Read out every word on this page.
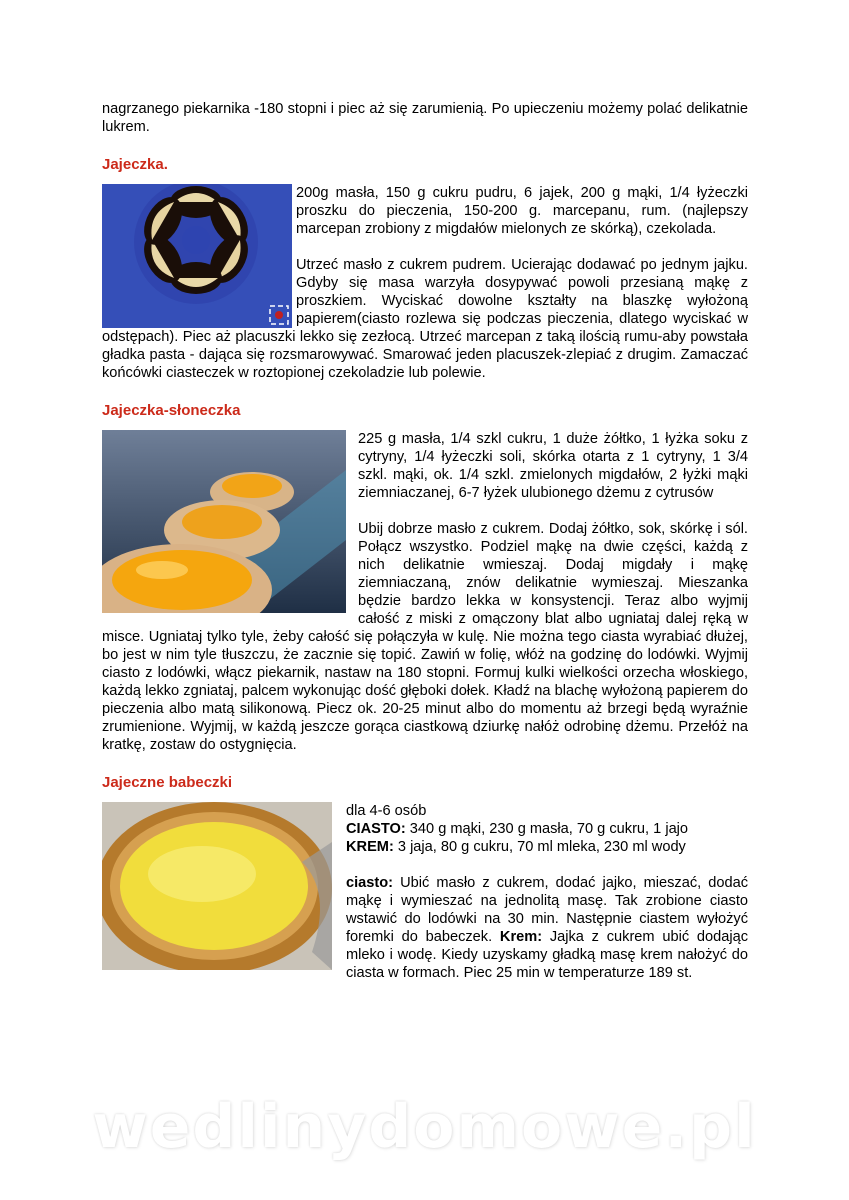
nagrzanego piekarnika -180 stopni i piec aż się zarumienią. Po upieczeniu możemy polać delikatnie lukrem.

Jajeczka.

200g masła, 150 g cukru pudru, 6 jajek, 200 g mąki, 1/4 łyżeczki proszku do pieczenia, 150-200 g. marcepanu, rum. (najlepszy marcepan zrobiony z migdałów mielonych ze skórką), czekolada.

Utrzeć masło z cukrem pudrem. Ucierając dodawać po jednym jajku. Gdyby się masa warzyła dosypywać powoli przesianą mąkę z proszkiem. Wyciskać dowolne kształty na blaszkę wyłożoną papierem(ciasto rozlewa się podczas pieczenia, dlatego wyciskać w odstępach). Piec aż placuszki lekko się zezłocą. Utrzeć marcepan z taką ilością rumu-aby powstała gładka pasta - dająca się rozsmarowywać. Smarować jeden placuszek-zlepiać z drugim. Zamaczać końcówki ciasteczek w roztopionej czekoladzie lub polewie.

Jajeczka-słoneczka

225 g masła, 1/4 szkl cukru, 1 duże żółtko, 1 łyżka soku z cytryny, 1/4 łyżeczki soli, skórka otarta z 1 cytryny, 1 3/4 szkl. mąki, ok. 1/4 szkl. zmielonych migdałów, 2 łyżki mąki ziemniaczanej, 6-7 łyżek ulubionego dżemu z cytrusów

Ubij dobrze masło z cukrem. Dodaj żółtko, sok, skórkę i sól. Połącz wszystko. Podziel mąkę na dwie części, każdą z nich delikatnie wmieszaj. Dodaj migdały i mąkę ziemniaczaną, znów delikatnie wymieszaj. Mieszanka będzie bardzo lekka w konsystencji. Teraz albo wyjmij całość z miski z omączony blat albo ugniataj dalej ręką w misce. Ugniataj tylko tyle, żeby całość się połączyła w kulę. Nie można tego ciasta wyrabiać dłużej, bo jest w nim tyle tłuszczu, że zacznie się topić. Zawiń w folię, włóż na godzinę do lodówki. Wyjmij ciasto z lodówki, włącz piekarnik, nastaw na 180 stopni. Formuj kulki wielkości orzecha włoskiego, każdą lekko zgniataj, palcem wykonując dość głęboki dołek. Kładź na blachę wyłożoną papierem do pieczenia albo matą silikonową. Piecz ok. 20-25 minut albo do momentu aż brzegi będą wyraźnie zrumienione. Wyjmij, w każdą jeszcze gorąca ciastkową dziurkę nałóż odrobinę dżemu. Przełóż na kratkę, zostaw do ostygnięcia.

Jajeczne babeczki

dla 4-6 osób
CIASTO: 340 g mąki, 230 g masła, 70 g cukru, 1 jajo
KREM: 3 jaja, 80 g cukru, 70 ml mleka, 230 ml wody

ciasto: Ubić masło z cukrem, dodać jajko, mieszać, dodać mąkę i wymieszać na jednolitą masę. Tak zrobione ciasto wstawić do lodówki na 30 min. Następnie ciastem wyłożyć foremki do babeczek. Krem: Jajka z cukrem ubić dodając mleko i wodę. Kiedy uzyskamy gładką masę krem nałożyć do ciasta w formach. Piec 25 min w temperaturze 189 st.

wedlinydomowe.pl
